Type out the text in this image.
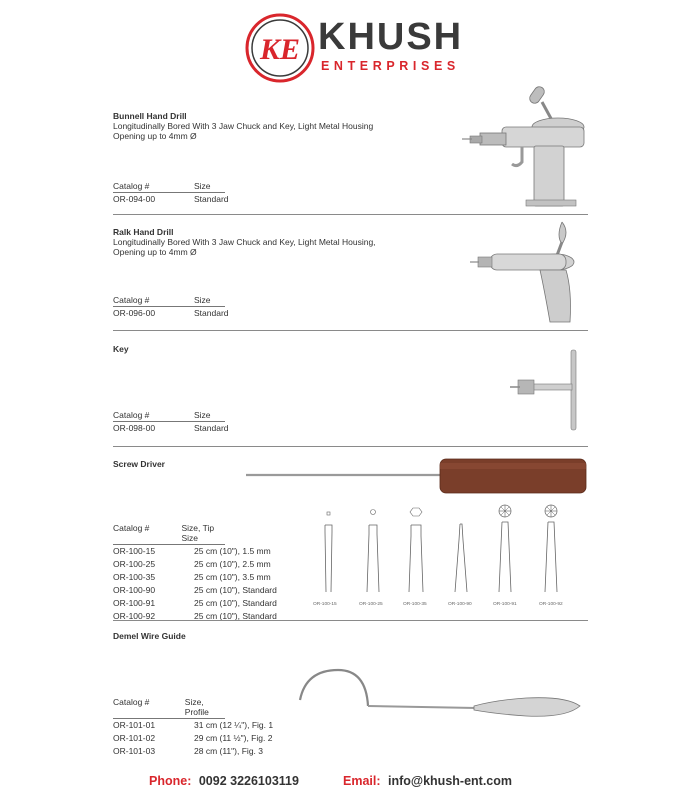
KE KHUSH
ENTERPRISES

Bunnell Hand Drill

Longitudinally Bored With 3 Jaw Chuck and Key, Light Metal Housing

Opening up to 4mm Ø

Catalog #	Size
OR-094-00	Standard

Ralk Hand Drill

Longitudinally Bored With 3 Jaw Chuck and Key, Light Metal Housing,

Opening up to 4mm Ø

Catalog #	Size
OR-096-00	Standard

Key

Catalog #	Size
OR-098-00	Standard

Screw Driver

Catalog #	Size, Tip Size
OR-100-15	25 cm (10"), 1.5 mm
OR-100-25	25 cm (10"), 2.5 mm
OR-100-35	25 cm (10"), 3.5 mm
OR-100-90	25 cm (10"), Standard
OR-100-91	25 cm (10"), Standard
OR-100-92	25 cm (10"), Standard
OR-100-15	OR-100-25	OR-100-35	OR-100-90	OR-100-91	OR-100-92

Demel Wire Guide

Catalog #	Size, Profile
OR-101-01	31 cm (12 ¼"), Fig. 1
OR-101-02	29 cm (11 ½"), Fig. 2
OR-101-03	28 cm (11"), Fig. 3
Phone: 0092 3226103119	Email: info@khush-ent.com
